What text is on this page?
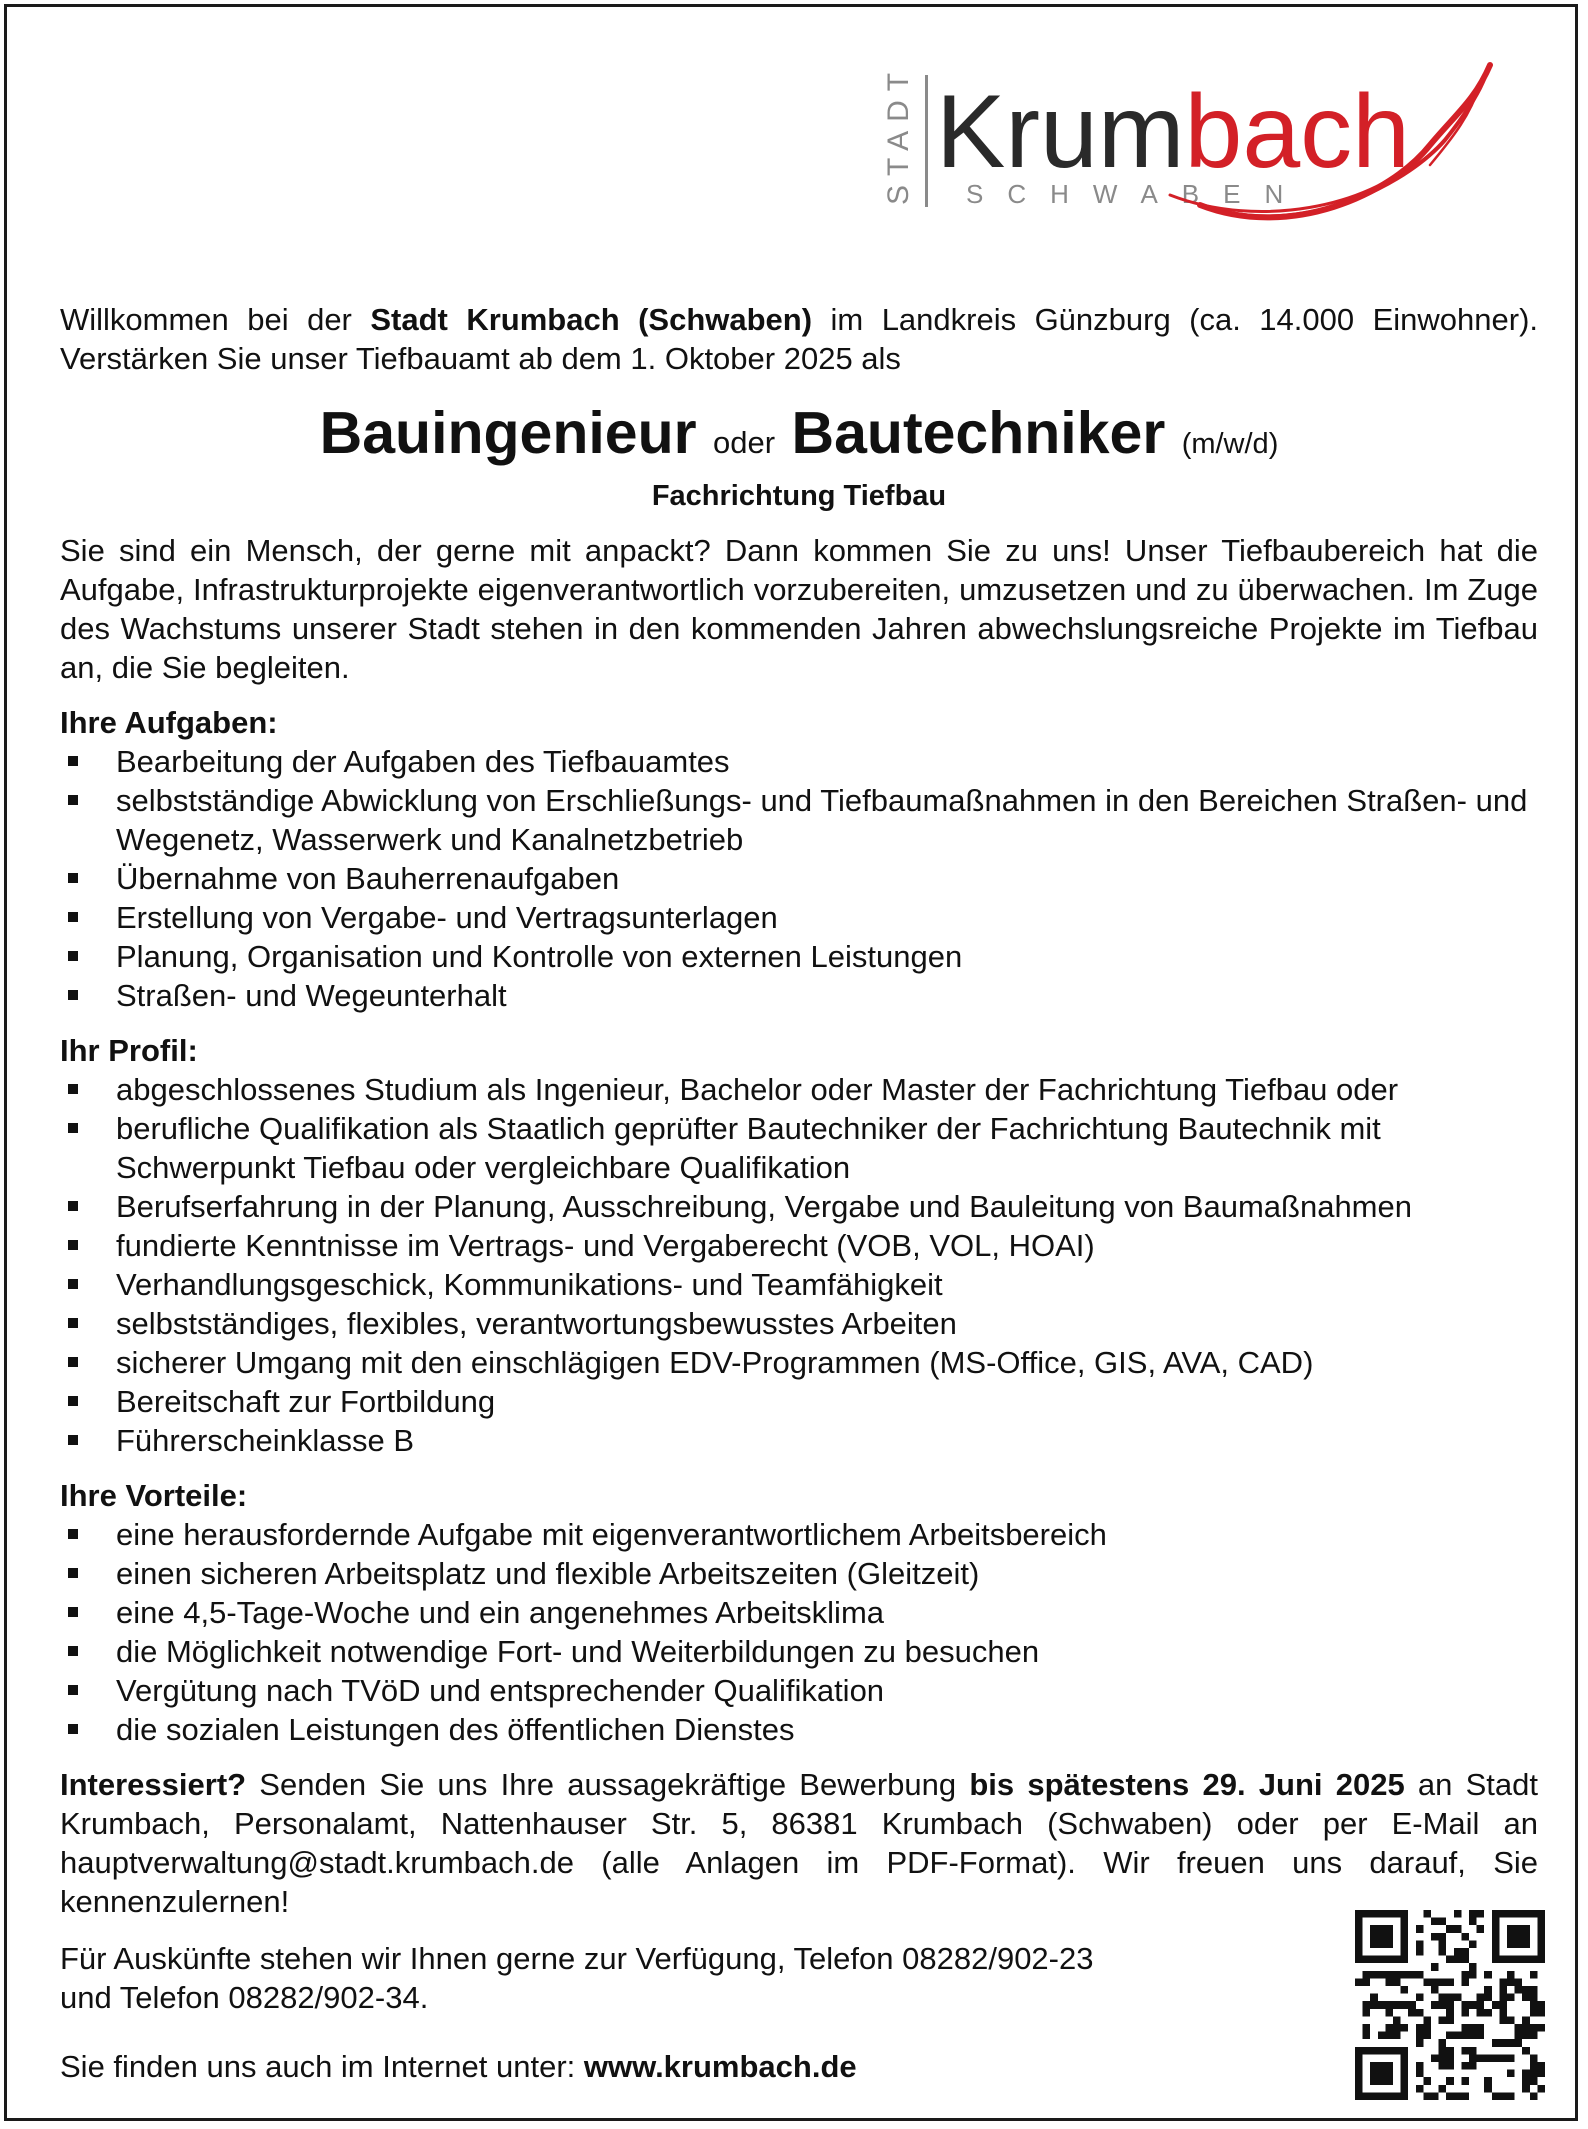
STADT Krumbach
SCHWABEN

Willkommen bei der Stadt Krumbach (Schwaben) im Landkreis Günzburg (ca. 14.000 Einwohner). Verstärken Sie unser Tiefbauamt ab dem 1. Oktober 2025 als

Bauingenieur oder Bautechniker (m/w/d)
Fachrichtung Tiefbau

Sie sind ein Mensch, der gerne mit anpackt? Dann kommen Sie zu uns! Unser Tiefbaubereich hat die Aufgabe, Infrastrukturprojekte eigenverantwortlich vorzubereiten, umzusetzen und zu überwachen. Im Zuge des Wachstums unserer Stadt stehen in den kommenden Jahren abwechslungsreiche Projekte im Tiefbau an, die Sie begleiten.

Ihre Aufgaben:
Bearbeitung der Aufgaben des Tiefbauamtes
selbstständige Abwicklung von Erschließungs- und Tiefbaumaßnahmen in den Bereichen Straßen- und Wegenetz, Wasserwerk und Kanalnetzbetrieb
Übernahme von Bauherrenaufgaben
Erstellung von Vergabe- und Vertragsunterlagen
Planung, Organisation und Kontrolle von externen Leistungen
Straßen- und Wegeunterhalt
Ihr Profil:
abgeschlossenes Studium als Ingenieur, Bachelor oder Master der Fachrichtung Tiefbau oder
berufliche Qualifikation als Staatlich geprüfter Bautechniker der Fachrichtung Bautechnik mit Schwerpunkt Tiefbau oder vergleichbare Qualifikation
Berufserfahrung in der Planung, Ausschreibung, Vergabe und Bauleitung von Baumaßnahmen
fundierte Kenntnisse im Vertrags- und Vergaberecht (VOB, VOL, HOAI)
Verhandlungsgeschick, Kommunikations- und Teamfähigkeit
selbstständiges, flexibles, verantwortungsbewusstes Arbeiten
sicherer Umgang mit den einschlägigen EDV-Programmen (MS-Office, GIS, AVA, CAD)
Bereitschaft zur Fortbildung
Führerscheinklasse B
Ihre Vorteile:
eine herausfordernde Aufgabe mit eigenverantwortlichem Arbeitsbereich
einen sicheren Arbeitsplatz und flexible Arbeitszeiten (Gleitzeit)
eine 4,5-Tage-Woche und ein angenehmes Arbeitsklima
die Möglichkeit notwendige Fort- und Weiterbildungen zu besuchen
Vergütung nach TVöD und entsprechender Qualifikation
die sozialen Leistungen des öffentlichen Dienstes

Interessiert? Senden Sie uns Ihre aussagekräftige Bewerbung bis spätestens 29. Juni 2025 an Stadt Krumbach, Personalamt, Nattenhauser Str. 5, 86381 Krumbach (Schwaben) oder per E-Mail an hauptverwaltung@stadt.krumbach.de (alle Anlagen im PDF-Format). Wir freuen uns darauf, Sie kennenzulernen!

Für Auskünfte stehen wir Ihnen gerne zur Verfügung, Telefon 08282/902-23
und Telefon 08282/902-34.

Sie finden uns auch im Internet unter: www.krumbach.de
